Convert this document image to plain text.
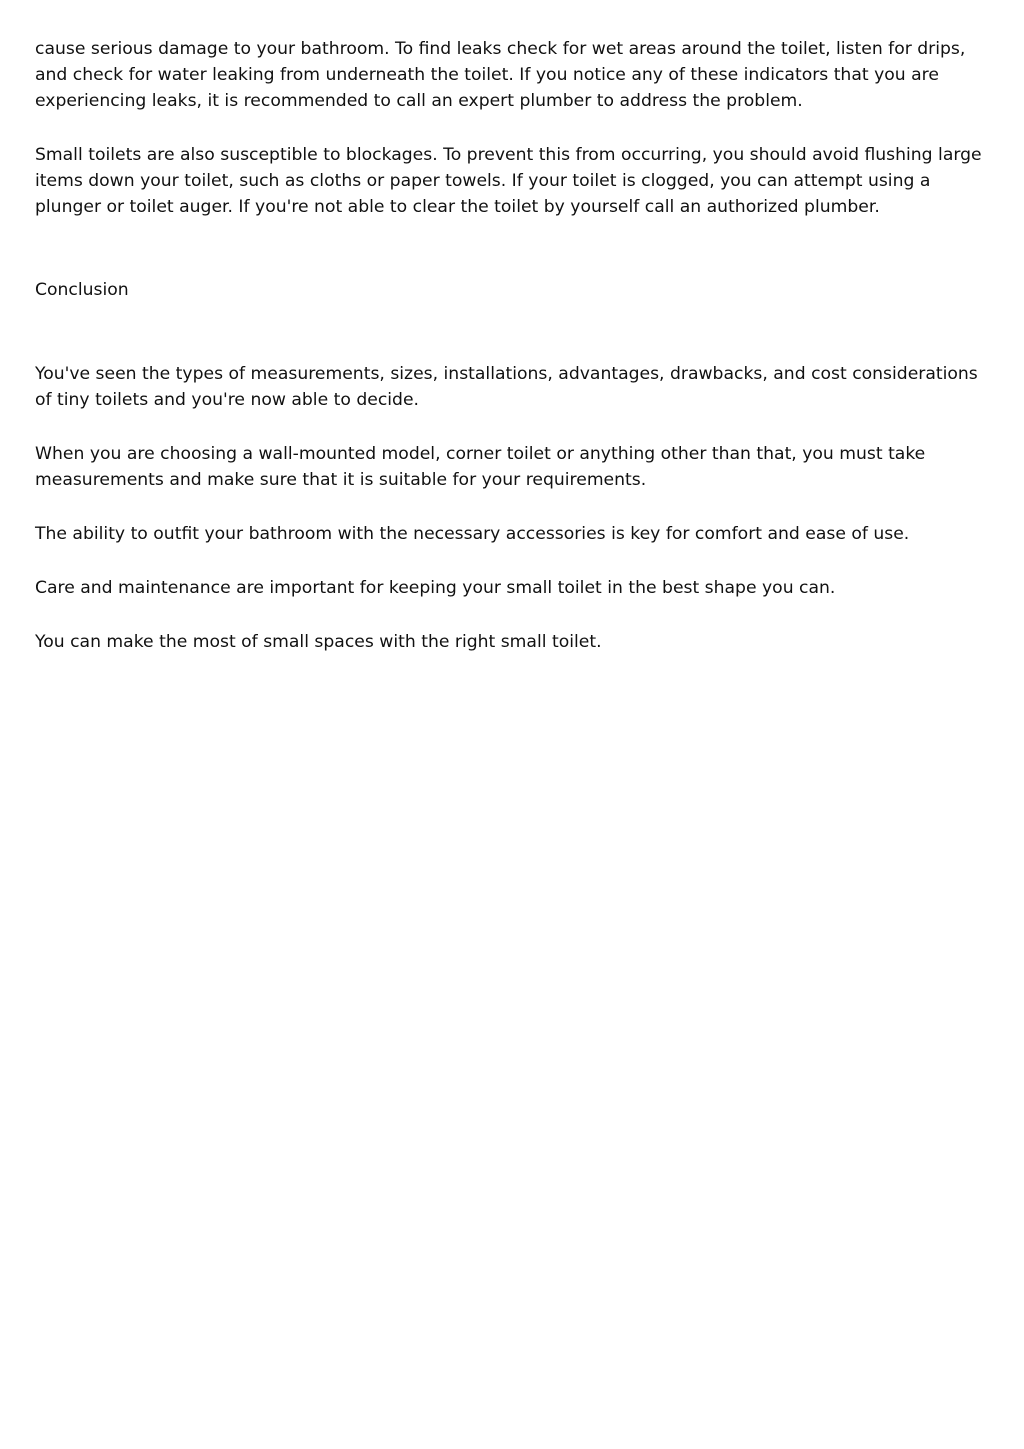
cause serious damage to your bathroom. To find leaks check for wet areas around the toilet, listen for drips, and check for water leaking from underneath the toilet. If you notice any of these indicators that you are experiencing leaks, it is recommended to call an expert plumber to address the problem.

Small toilets are also susceptible to blockages. To prevent this from occurring, you should avoid flushing large items down your toilet, such as cloths or paper towels. If your toilet is clogged, you can attempt using a plunger or toilet auger. If you're not able to clear the toilet by yourself call an authorized plumber.

Conclusion

You've seen the types of measurements, sizes, installations, advantages, drawbacks, and cost considerations of tiny toilets and you're now able to decide.

When you are choosing a wall-mounted model, corner toilet or anything other than that, you must take measurements and make sure that it is suitable for your requirements.

The ability to outfit your bathroom with the necessary accessories is key for comfort and ease of use.

Care and maintenance are important for keeping your small toilet in the best shape you can.

You can make the most of small spaces with the right small toilet.
